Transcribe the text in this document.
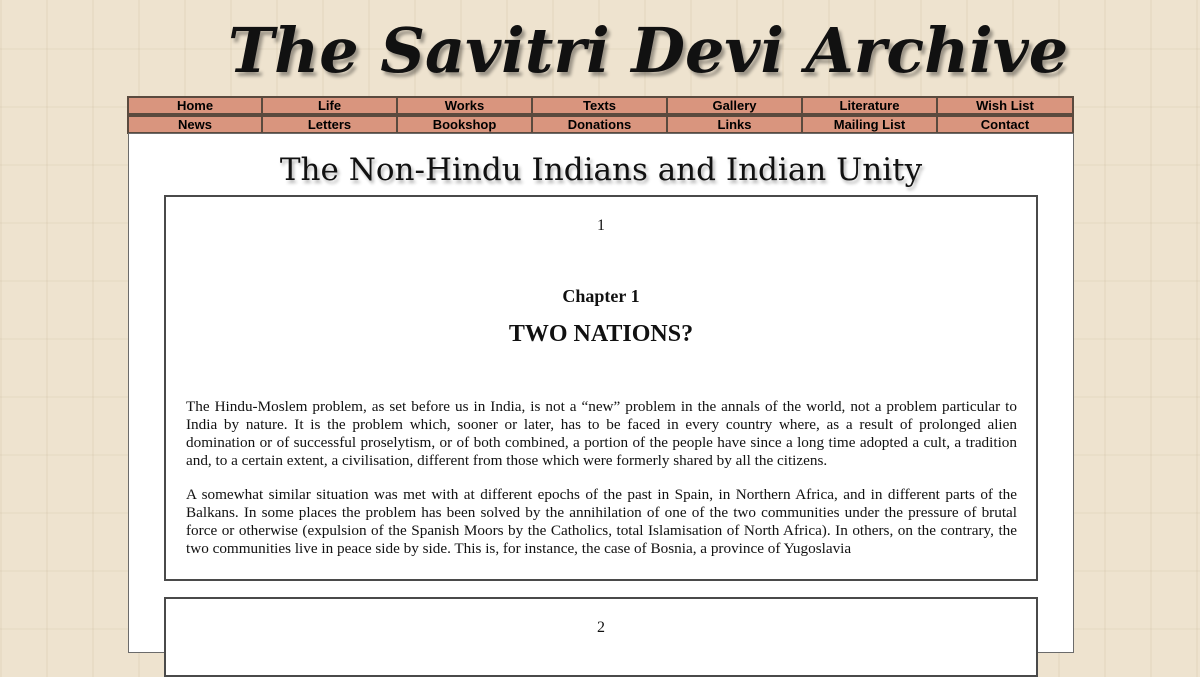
The Savitri Devi Archive
Home	Life	Works	Texts	Gallery	Literature	Wish List
News	Letters	Bookshop	Donations	Links	Mailing List	Contact
The Non-Hindu Indians and Indian Unity
1
Chapter 1
TWO NATIONS?

The Hindu-Moslem problem, as set before us in India, is not a “new” problem in the annals of the world, not a problem particular to India by nature. It is the problem which, sooner or later, has to be faced in every country where, as a result of prolonged alien domination or of successful proselytism, or of both combined, a portion of the people have since a long time adopted a cult, a tradition and, to a certain extent, a civilisation, different from those which were formerly shared by all the citizens.

A somewhat similar situation was met with at different epochs of the past in Spain, in Northern Africa, and in different parts of the Balkans. In some places the problem has been solved by the annihilation of one of the two communities under the pressure of brutal force or otherwise (expulsion of the Spanish Moors by the Catholics, total Islamisation of North Africa). In others, on the contrary, the two communities live in peace side by side. This is, for instance, the case of Bosnia, a province of Yugoslavia

2
